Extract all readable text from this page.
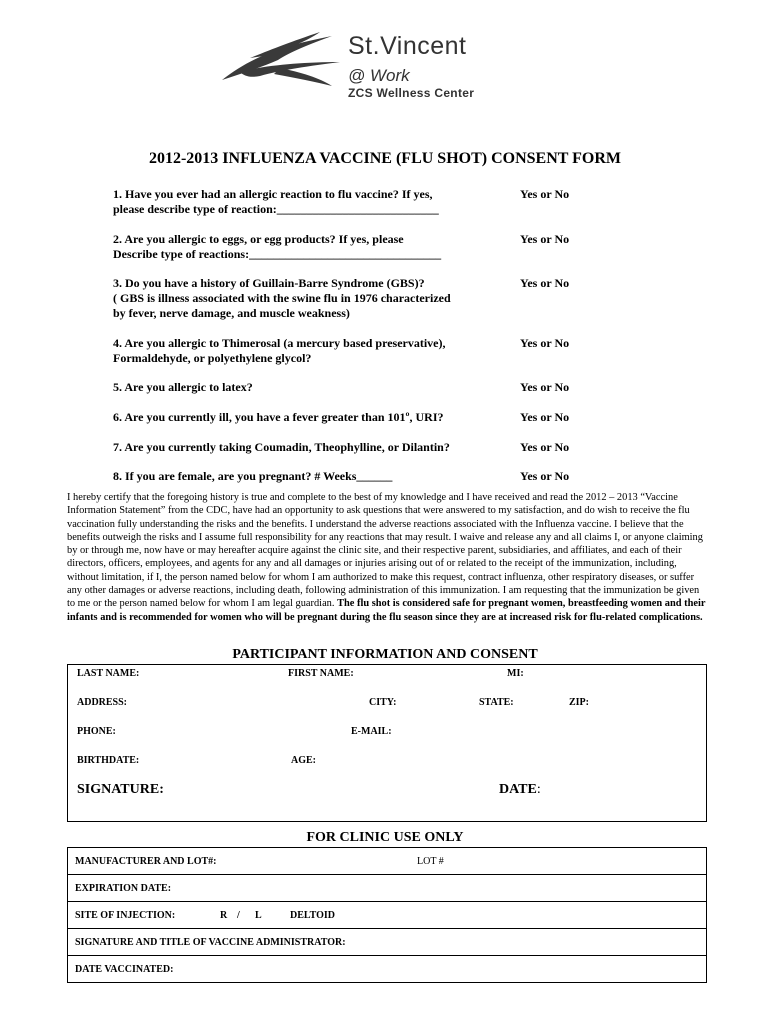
St.Vincent
@ Work
ZCS Wellness Center
2012-2013 INFLUENZA VACCINE (FLU SHOT) CONSENT FORM
1. Have you ever had an allergic reaction to flu vaccine? If yes,
please describe type of reaction:___________________________
Yes or No
2. Are you allergic to eggs, or egg products? If yes, please
Describe type of reactions:________________________________
Yes or No
3. Do you have a history of Guillain-Barre Syndrome (GBS)?
( GBS is illness associated with the swine flu in 1976 characterized
by fever, nerve damage, and muscle weakness)
Yes or No
4. Are you allergic to Thimerosal (a mercury based preservative),
Formaldehyde, or polyethylene glycol?
Yes or No
5. Are you allergic to latex?	Yes or No
6. Are you currently ill, you have a fever greater than 101º, URI?	Yes or No
7. Are you currently taking Coumadin, Theophylline, or Dilantin?	Yes or No
8. If you are female, are you pregnant? # Weeks______	Yes or No
I hereby certify that the foregoing history is true and complete to the best of my knowledge and I have received and read the 2012 – 2013 “Vaccine Information Statement” from the CDC, have had an opportunity to ask questions that were answered to my satisfaction, and do wish to receive the flu vaccination fully understanding the risks and the benefits. I understand the adverse reactions associated with the Influenza vaccine. I believe that the benefits outweigh the risks and I assume full responsibility for any reactions that may result. I waive and release any and all claims I, or anyone claiming by or through me, now have or may hereafter acquire against the clinic site, and their respective parent, subsidiaries, and affiliates, and each of their directors, officers, employees, and agents for any and all damages or injuries arising out of or related to the receipt of the immunization, including, without limitation, if I, the person named below for whom I am authorized to make this request, contract influenza, other respiratory diseases, or suffer any other damages or adverse reactions, including death, following administration of this immunization. I am requesting that the immunization be given to me or the person named below for whom I am legal guardian. The flu shot is considered safe for pregnant women, breastfeeding women and their infants and is recommended for women who will be pregnant during the flu season since they are at increased risk for flu-related complications.
PARTICIPANT INFORMATION AND CONSENT
LAST NAME:	FIRST NAME:	MI:
ADDRESS:	CITY:	STATE:	ZIP:
PHONE:	E-MAIL:
BIRTHDATE:	AGE:
SIGNATURE:	DATE:
FOR CLINIC USE ONLY
MANUFACTURER AND LOT#:	LOT #
EXPIRATION DATE:
SITE OF INJECTION:	R / L	DELTOID
SIGNATURE AND TITLE OF VACCINE ADMINISTRATOR:
DATE VACCINATED:
